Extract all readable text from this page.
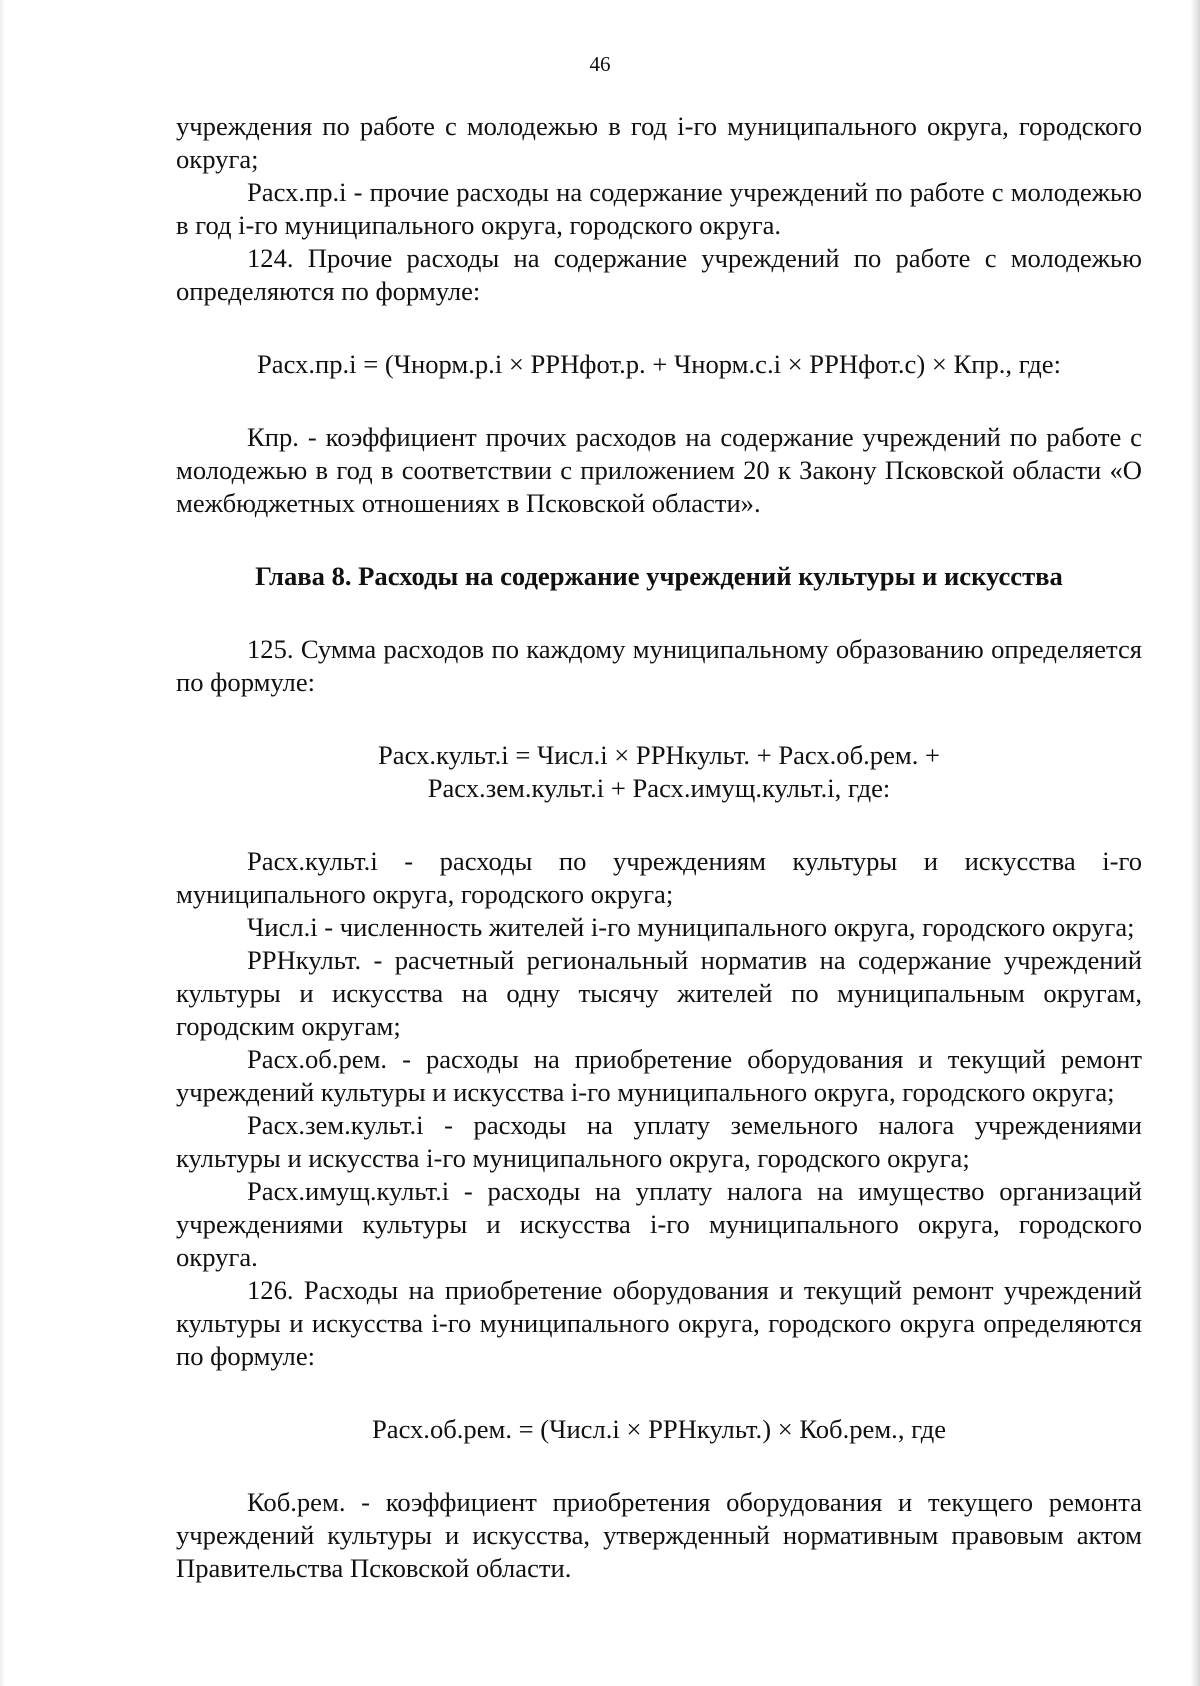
46

учреждения по работе с молодежью в год i-го муниципального округа, городского округа;

Расх.пр.i - прочие расходы на содержание учреждений по работе с молодежью в год i-го муниципального округа, городского округа.

124. Прочие расходы на содержание учреждений по работе с молодежью определяются по формуле:

Расх.пр.i = (Чнорм.р.i × РРНфот.р. + Чнорм.с.i × РРНфот.с) × Кпр., где:

Кпр. - коэффициент прочих расходов на содержание учреждений по работе с молодежью в год в соответствии с приложением 20 к Закону Псковской области «О межбюджетных отношениях в Псковской области».

Глава 8. Расходы на содержание учреждений культуры и искусства

125. Сумма расходов по каждому муниципальному образованию определяется по формуле:

Расх.культ.i = Числ.i × РРНкульт. + Расх.об.рем. +

Расх.зем.культ.i + Расх.имущ.культ.i, где:

Расх.культ.i - расходы по учреждениям культуры и искусства i-го муниципального округа, городского округа;

Числ.i - численность жителей i-го муниципального округа, городского округа;

РРНкульт. - расчетный региональный норматив на содержание учреждений культуры и искусства на одну тысячу жителей по муниципальным округам, городским округам;

Расх.об.рем. - расходы на приобретение оборудования и текущий ремонт учреждений культуры и искусства i-го муниципального округа, городского округа;

Расх.зем.культ.i - расходы на уплату земельного налога учреждениями культуры и искусства i-го муниципального округа, городского округа;

Расх.имущ.культ.i - расходы на уплату налога на имущество организаций учреждениями культуры и искусства i-го муниципального округа, городского округа.

126. Расходы на приобретение оборудования и текущий ремонт учреждений культуры и искусства i-го муниципального округа, городского округа определяются по формуле:

Расх.об.рем. = (Числ.i × РРНкульт.) × Коб.рем., где

Коб.рем. - коэффициент приобретения оборудования и текущего ремонта учреждений культуры и искусства, утвержденный нормативным правовым актом Правительства Псковской области.
